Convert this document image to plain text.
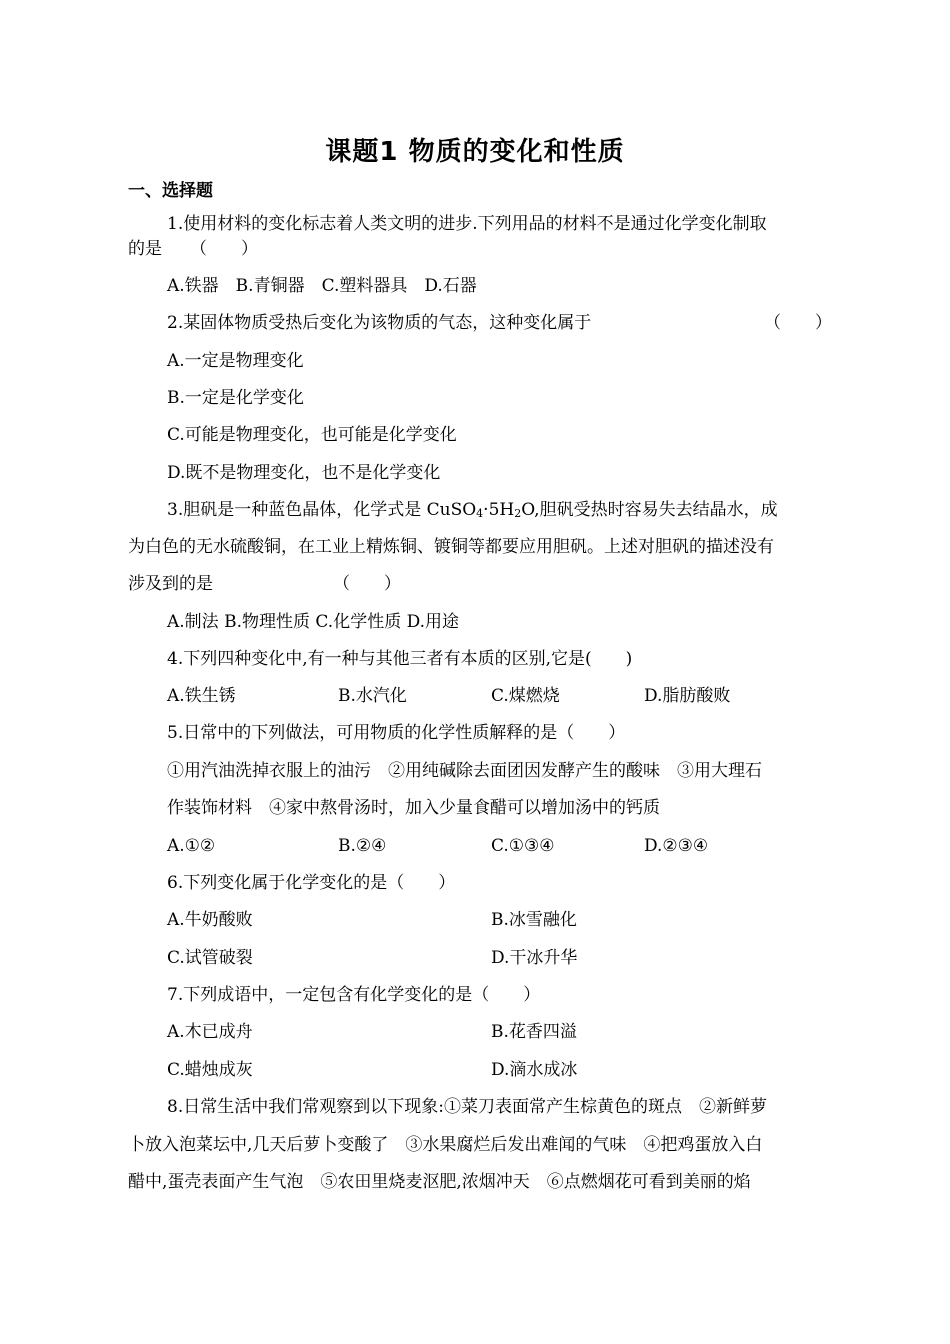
课题1 物质的变化和性质
一、选择题

1.使用材料的变化标志着人类文明的进步.下列用品的材料不是通过化学变化制取

的是 （　　）

A.铁器　B.青铜器　C.塑料器具　D.石器

2.某固体物质受热后变化为该物质的气态，这种变化属于	（　　）

A.一定是物理变化

B.一定是化学变化

C.可能是物理变化，也可能是化学变化

D.既不是物理变化，也不是化学变化

3.胆矾是一种蓝色晶体，化学式是 $CuSO_4\cdot 5H_2O$,胆矾受热时容易失去结晶水，成

为白色的无水硫酸铜，在工业上精炼铜、镀铜等都要应用胆矾。上述对胆矾的描述没有

涉及到的是	（　　）

A.制法 B.物理性质 C.化学性质 D.用途

4.下列四种变化中,有一种与其他三者有本质的区别,它是(　　)

A.铁生锈	B.水汽化	C.煤燃烧	D.脂肪酸败

5.日常中的下列做法，可用物质的化学性质解释的是（　　）

①用汽油洗掉衣服上的油污　②用纯碱除去面团因发酵产生的酸味　③用大理石

作装饰材料　④家中熬骨汤时，加入少量食醋可以增加汤中的钙质

A.①②	B.②④	C.①③④	D.②③④

6.下列变化属于化学变化的是（　　）

A.牛奶酸败	B.冰雪融化
C.试管破裂	D.干冰升华

7.下列成语中，一定包含有化学变化的是（　　）

A.木已成舟	B.花香四溢
C.蜡烛成灰	D.滴水成冰

8.日常生活中我们常观察到以下现象:①菜刀表面常产生棕黄色的斑点　②新鲜萝

卜放入泡菜坛中,几天后萝卜变酸了　③水果腐烂后发出难闻的气味　④把鸡蛋放入白

醋中,蛋壳表面产生气泡　⑤农田里烧麦沤肥,浓烟冲天　⑥点燃烟花可看到美丽的焰
